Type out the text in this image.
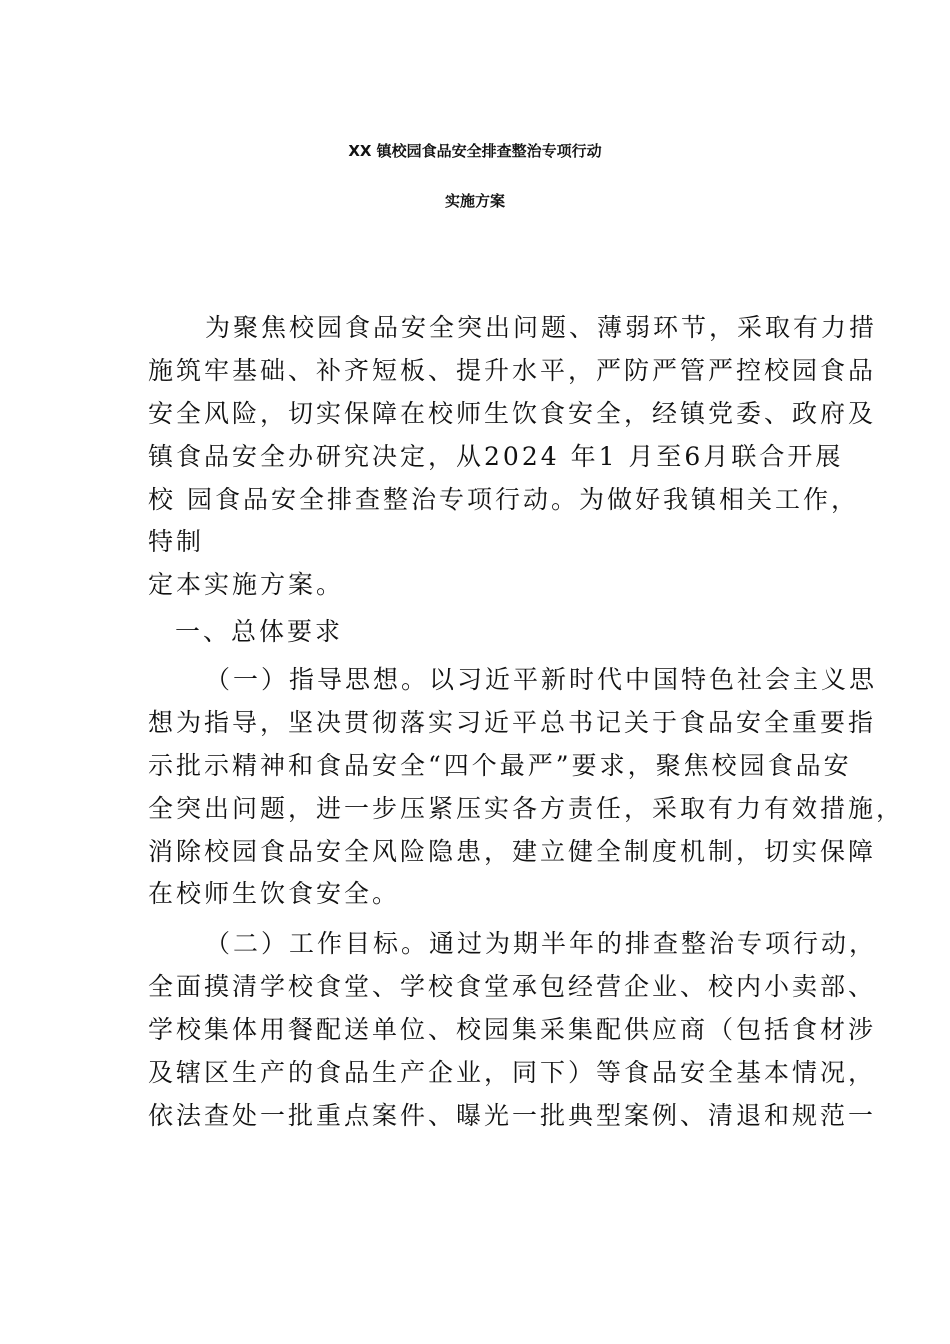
XX 镇校园食品安全排查整治专项行动
实施方案
为聚焦校园食品安全突出问题、薄弱环节，采取有力措
施筑牢基础、补齐短板、提升水平，严防严管严控校园食品
安全风险，切实保障在校师生饮食安全，经镇党委、政府及
镇食品安全办研究决定，从2024 年1 月至6月联合开展
校 园食品安全排查整治专项行动。为做好我镇相关工作，
特制
定本实施方案。
一、总体要求
（一）指导思想。以习近平新时代中国特色社会主义思
想为指导，坚决贯彻落实习近平总书记关于食品安全重要指
示批示精神和食品安全“四个最严”要求，聚焦校园食品安
全突出问题，进一步压紧压实各方责任，采取有力有效措施，
消除校园食品安全风险隐患，建立健全制度机制，切实保障
在校师生饮食安全。
（二）工作目标。通过为期半年的排查整治专项行动，
全面摸清学校食堂、学校食堂承包经营企业、校内小卖部、
学校集体用餐配送单位、校园集采集配供应商（包括食材涉
及辖区生产的食品生产企业，同下）等食品安全基本情况，
依法查处一批重点案件、曝光一批典型案例、清退和规范一
